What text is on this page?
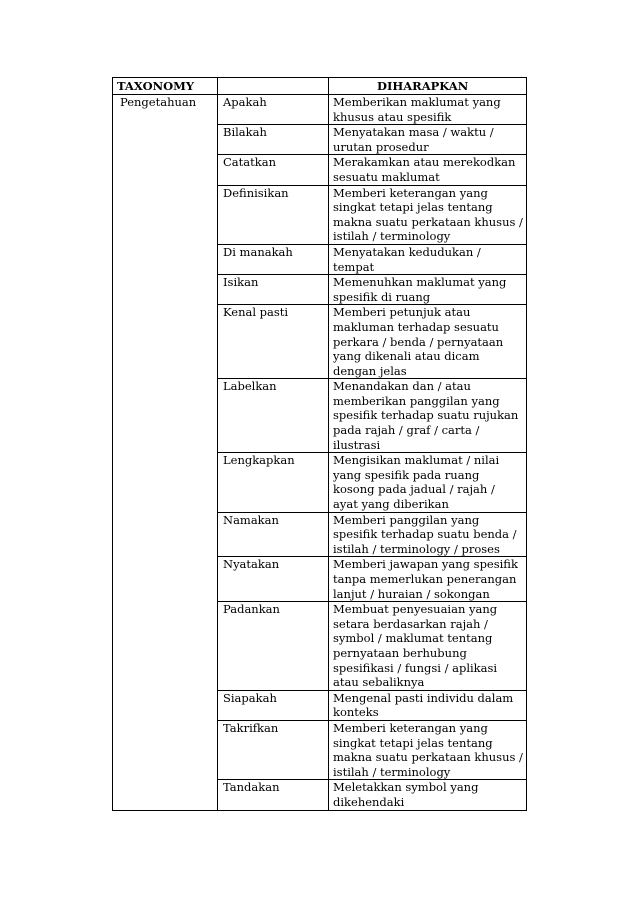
TAXONOMY		DIHARAPKAN
Pengetahuan	Apakah	Memberikan maklumat yang khusus atau spesifik
	Bilakah	Menyatakan masa / waktu / urutan prosedur
	Catatkan	Merakamkan atau merekodkan sesuatu maklumat
	Definisikan	Memberi keterangan yang singkat tetapi jelas tentang makna suatu perkataan khusus / istilah / terminology
	Di manakah	Menyatakan kedudukan / tempat
	Isikan	Memenuhkan maklumat yang spesifik di ruang
	Kenal pasti	Memberi petunjuk atau makluman terhadap sesuatu perkara / benda / pernyataan yang dikenali atau dicam dengan jelas
	Labelkan	Menandakan dan / atau memberikan panggilan yang spesifik terhadap suatu rujukan pada rajah / graf / carta / ilustrasi
	Lengkapkan	Mengisikan maklumat / nilai yang spesifik pada ruang kosong pada jadual / rajah / ayat yang diberikan
	Namakan	Memberi panggilan yang spesifik terhadap suatu benda / istilah / terminology / proses
	Nyatakan	Memberi jawapan yang spesifik tanpa memerlukan penerangan lanjut / huraian / sokongan
	Padankan	Membuat penyesuaian yang setara berdasarkan rajah / symbol / maklumat tentang pernyataan berhubung spesifikasi / fungsi / aplikasi atau sebaliknya
	Siapakah	Mengenal pasti individu dalam konteks
	Takrifkan	Memberi keterangan yang singkat tetapi jelas tentang makna suatu perkataan khusus / istilah / terminology
	Tandakan	Meletakkan symbol yang dikehendaki
